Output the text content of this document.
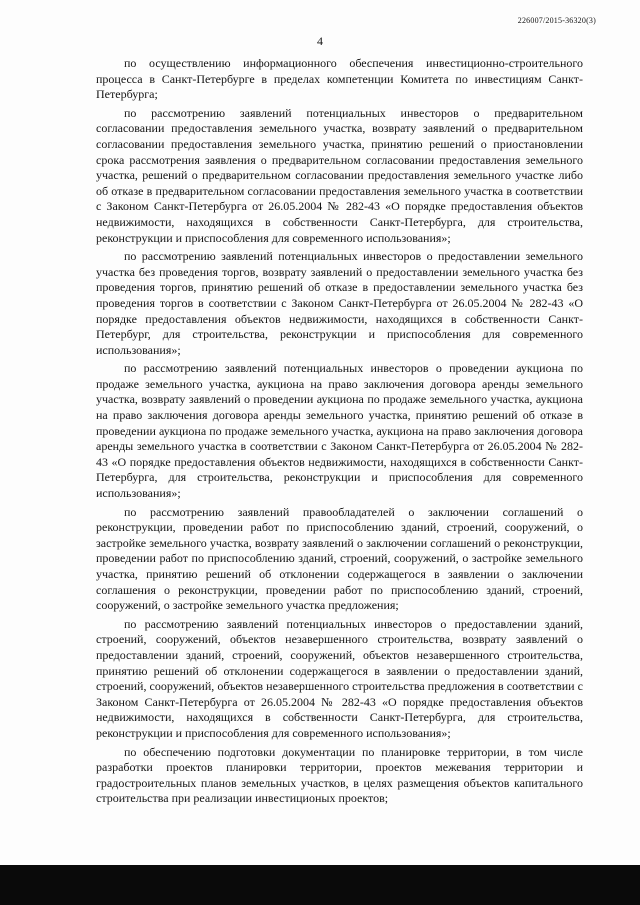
226007/2015-36320(3)
4

по осуществлению информационного обеспечения инвестиционно-строительного процесса в Санкт-Петербурге в пределах компетенции Комитета по инвестициям Санкт-Петербурга;

по рассмотрению заявлений потенциальных инвесторов о предварительном согласовании предоставления земельного участка, возврату заявлений о предварительном согласовании предоставления земельного участка, принятию решений о приостановлении срока рассмотрения заявления о предварительном согласовании предоставления земельного участка, решений о предварительном согласовании предоставления земельного участке либо об отказе в предварительном согласовании предоставления земельного участка в соответствии с Законом Санкт-Петербурга от 26.05.2004 № 282-43 «О порядке предоставления объектов недвижимости, находящихся в собственности Санкт-Петербурга, для строительства, реконструкции и приспособления для современного использования»;

по рассмотрению заявлений потенциальных инвесторов о предоставлении земельного участка без проведения торгов, возврату заявлений о предоставлении земельного участка без проведения торгов, принятию решений об отказе в предоставлении земельного участка без проведения торгов в соответствии с Законом Санкт-Петербурга от 26.05.2004 № 282-43 «О порядке предоставления объектов недвижимости, находящихся в собственности Санкт-Петербург, для строительства, реконструкции и приспособления для современного использования»;

по рассмотрению заявлений потенциальных инвесторов о проведении аукциона по продаже земельного участка, аукциона на право заключения договора аренды земельного участка, возврату заявлений о проведении аукциона по продаже земельного участка, аукциона на право заключения договора аренды земельного участка, принятию решений об отказе в проведении аукциона по продаже земельного участка, аукциона на право заключения договора аренды земельного участка в соответствии с Законом Санкт-Петербурга от 26.05.2004 № 282-43 «О порядке предоставления объектов недвижимости, находящихся в собственности Санкт-Петербурга, для строительства, реконструкции и приспособления для современного использования»;

по рассмотрению заявлений правообладателей о заключении соглашений о реконструкции, проведении работ по приспособлению зданий, строений, сооружений, о застройке земельного участка, возврату заявлений о заключении соглашений о реконструкции, проведении работ по приспособлению зданий, строений, сооружений, о застройке земельного участка, принятию решений об отклонении содержащегося в заявлении о заключении соглашения о реконструкции, проведении работ по приспособлению зданий, строений, сооружений, о застройке земельного участка предложения;

по рассмотрению заявлений потенциальных инвесторов о предоставлении зданий, строений, сооружений, объектов незавершенного строительства, возврату заявлений о предоставлении зданий, строений, сооружений, объектов незавершенного строительства, принятию решений об отклонении содержащегося в заявлении о предоставлении зданий, строений, сооружений, объектов незавершенного строительства предложения в соответствии с Законом Санкт-Петербурга от 26.05.2004 № 282-43 «О порядке предоставления объектов недвижимости, находящихся в собственности Санкт-Петербурга, для строительства, реконструкции и приспособления для современного использования»;

по обеспечению подготовки документации по планировке территории, в том числе разработки проектов планировки территории, проектов межевания территории и градостроительных планов земельных участков, в целях размещения объектов капитального строительства при реализации инвестиционых проектов;
